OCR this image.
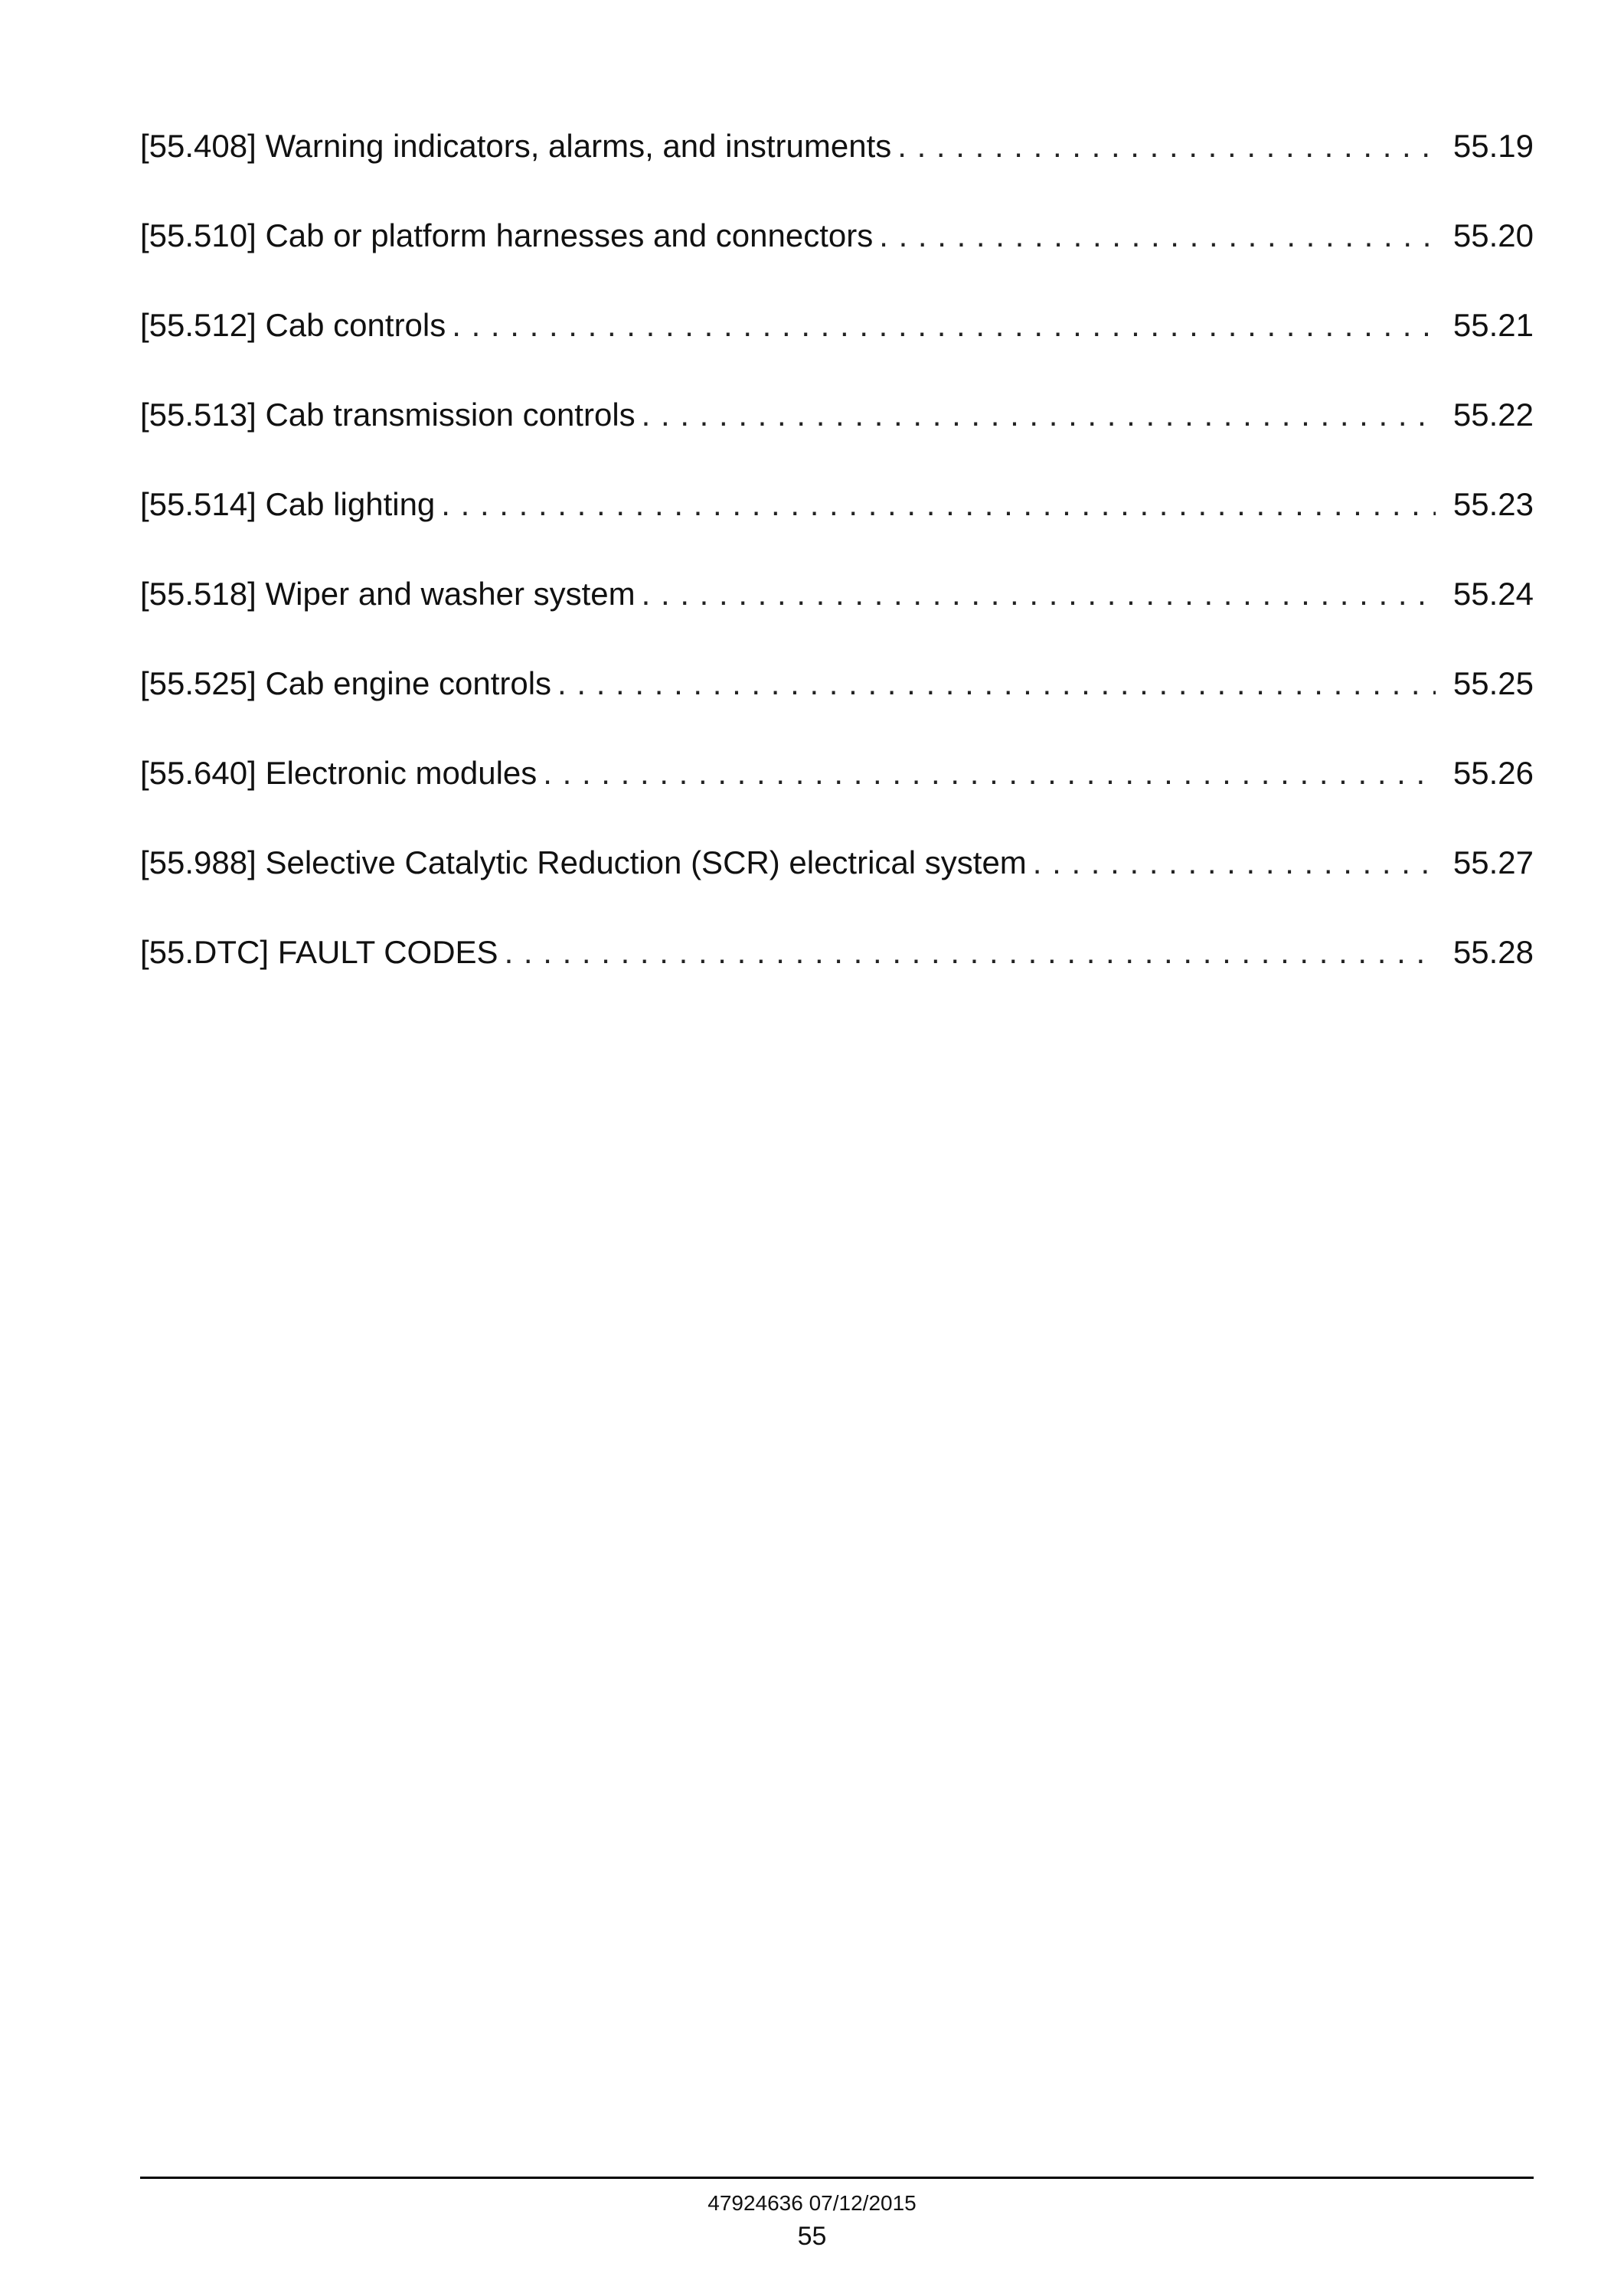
[55.408] Warning indicators, alarms, and instruments . . .	55.19
[55.510] Cab or platform harnesses and connectors . . .	55.20
[55.512] Cab controls . . .	55.21
[55.513] Cab transmission controls . . .	55.22
[55.514] Cab lighting . . .	55.23
[55.518] Wiper and washer system . . .	55.24
[55.525] Cab engine controls . . .	55.25
[55.640] Electronic modules . . .	55.26
[55.988] Selective Catalytic Reduction (SCR) electrical system . . .	55.27
[55.DTC] FAULT CODES . . .	55.28
47924636 07/12/2015
55
